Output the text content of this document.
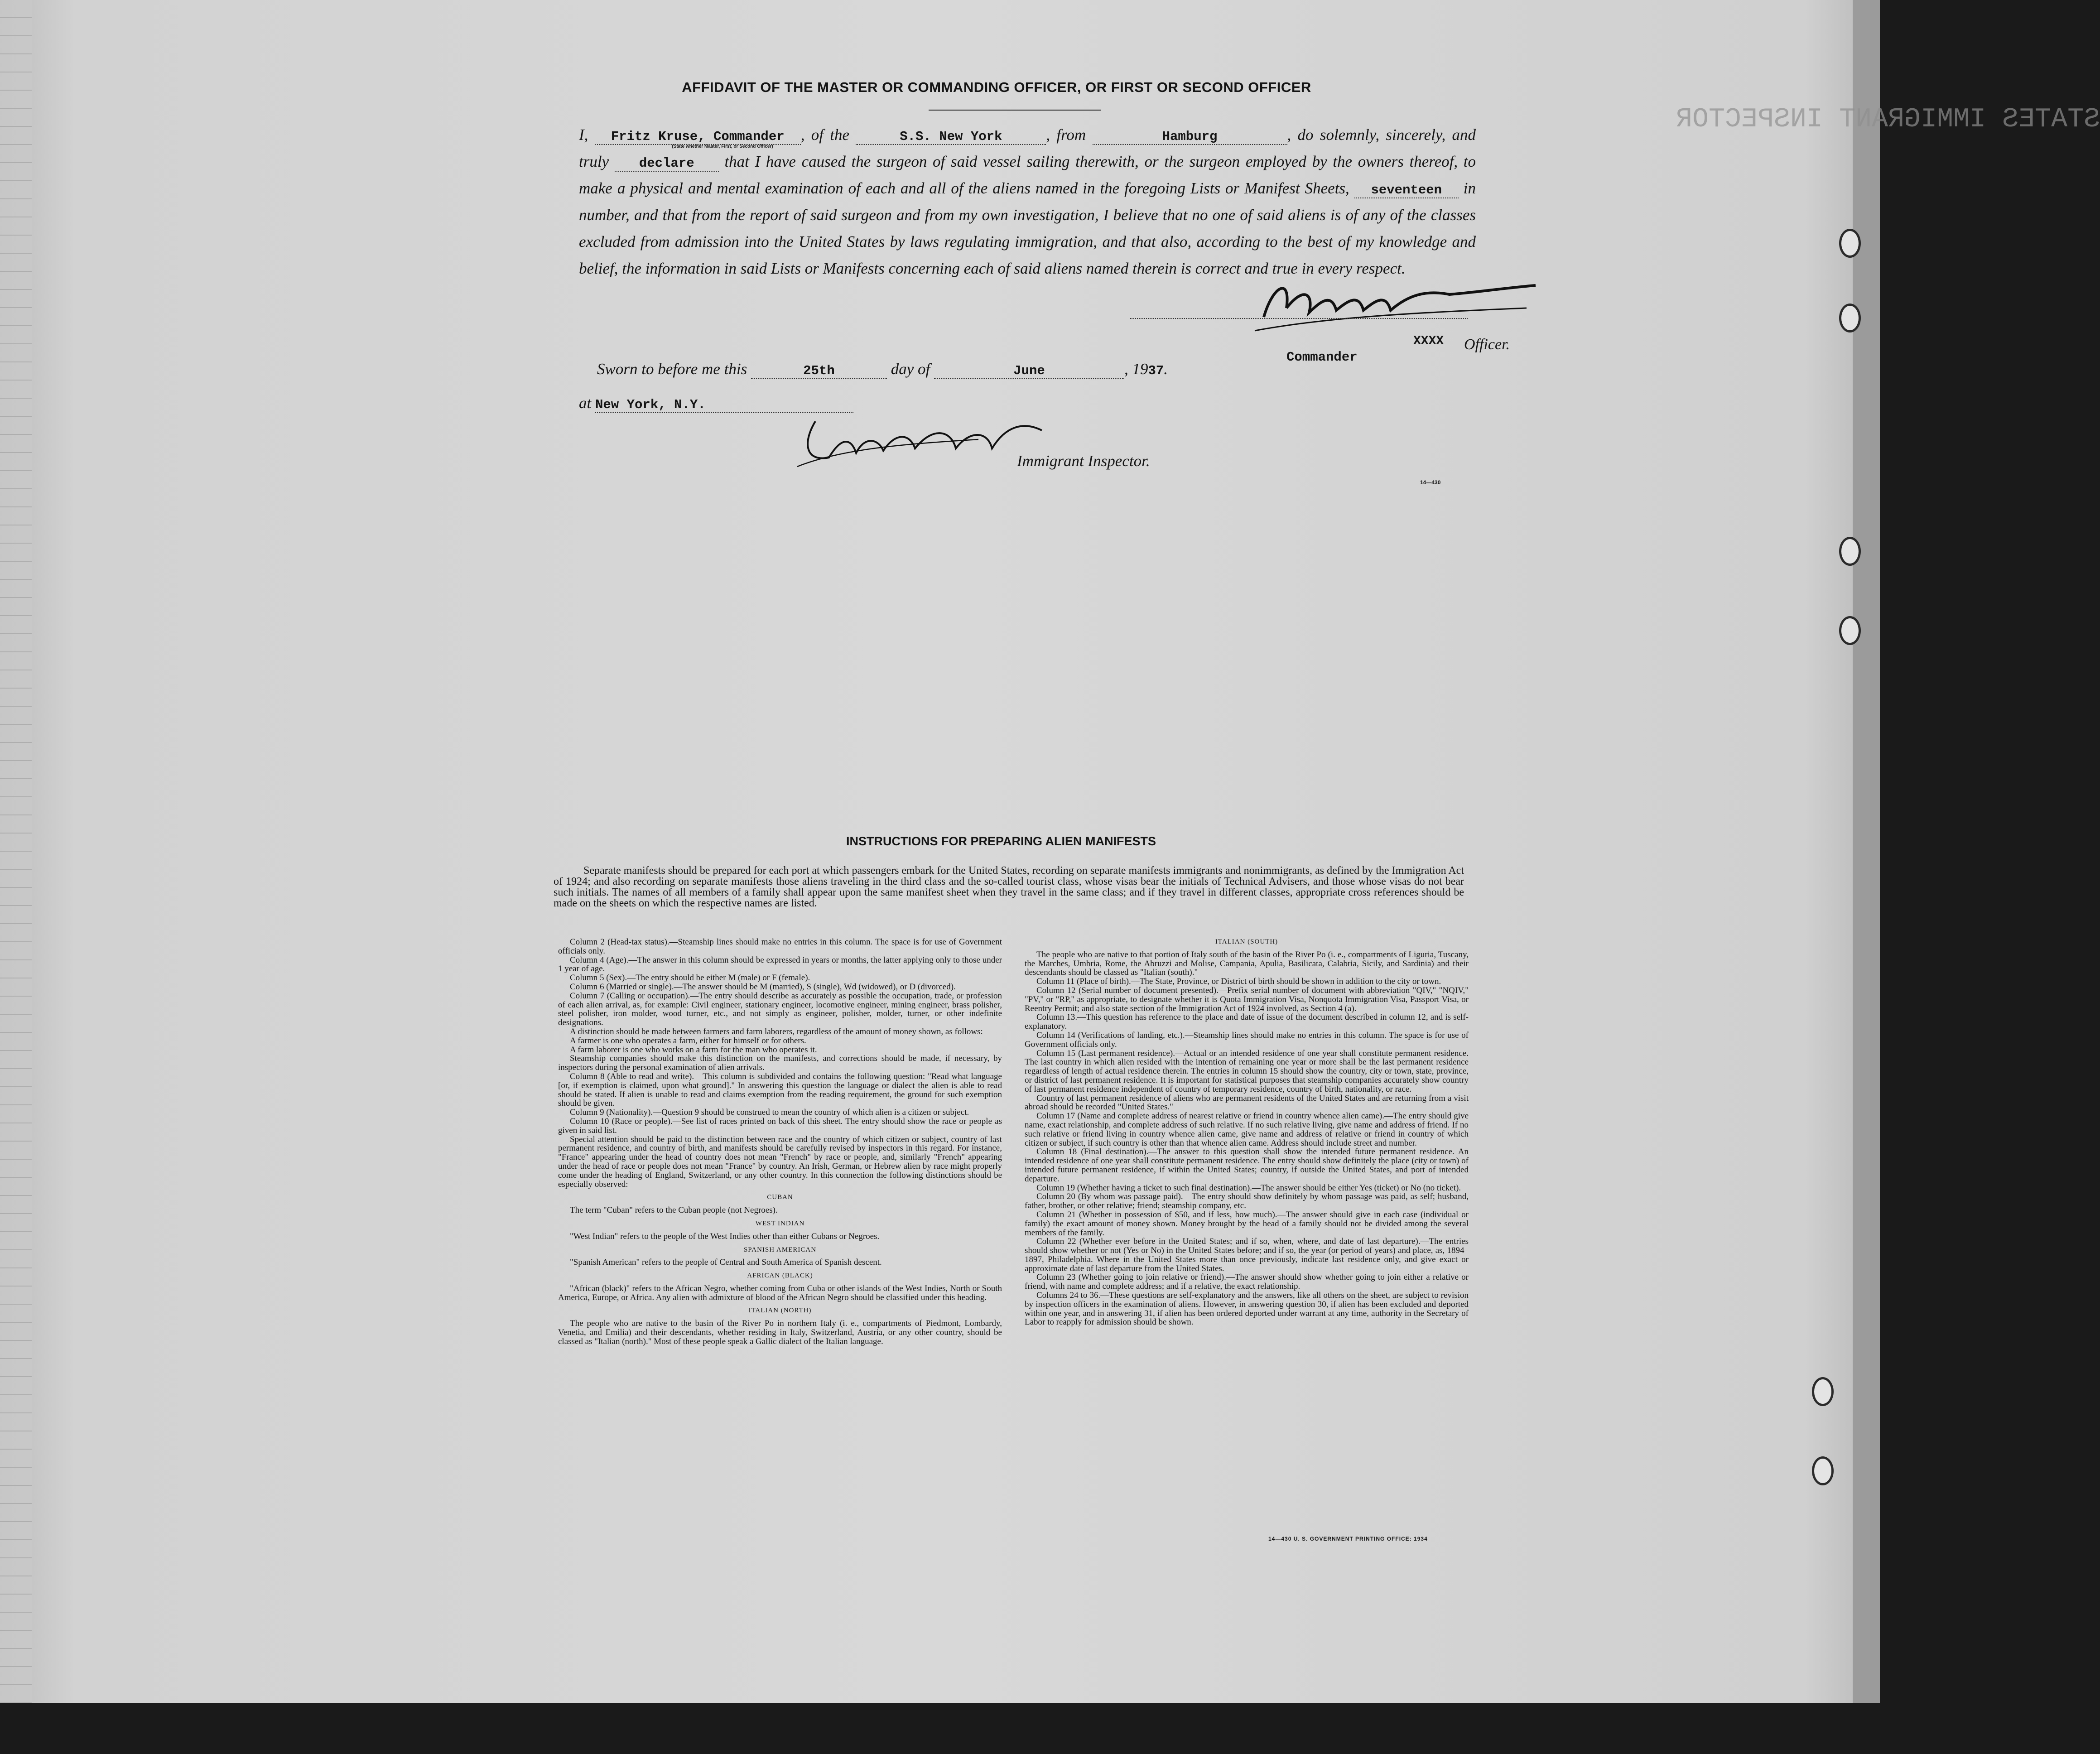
STATES IMMIGRANT INSPECTOR
AFFIDAVIT OF THE MASTER OR COMMANDING OFFICER, OR FIRST OR SECOND OFFICER
I, Fritz Kruse, Commander , of the	S.S. New York	, from	Hamburg	, do solemnly, sincerely, and truly declare that I have caused the surgeon of said vessel sailing therewith, or the surgeon employed by the owners thereof, to make a physical and mental examination of each and all of the aliens named in the foregoing Lists or Manifest Sheets, seventeen in number, and that from the report of said surgeon and from my own investigation, I believe that no one of said aliens is of any of the classes excluded from admission into the United States by laws regulating immigration, and that also, according to the best of my knowledge and belief, the information in said Lists or Manifests concerning each of said aliens named therein is correct and true in every respect.
(State whether Master, First, or Second Officer)
XXXX Officer.
Commander
Sworn to before me this	25th	day of	June	, 1937.
at New York, N.Y.
Immigrant Inspector.
14—430
INSTRUCTIONS FOR PREPARING ALIEN MANIFESTS
Separate manifests should be prepared for each port at which passengers embark for the United States, recording on separate manifests immigrants and nonimmigrants, as defined by the Immigration Act of 1924; and also recording on separate manifests those aliens traveling in the third class and the so-called tourist class, whose visas bear the initials of Technical Advisers, and those whose visas do not bear such initials. The names of all members of a family shall appear upon the same manifest sheet when they travel in the same class; and if they travel in different classes, appropriate cross references should be made on the sheets on which the respective names are listed.

Column 2 (Head-tax status).—Steamship lines should make no entries in this column. The space is for use of Government officials only.

Column 4 (Age).—The answer in this column should be expressed in years or months, the latter applying only to those under 1 year of age.

Column 5 (Sex).—The entry should be either M (male) or F (female).

Column 6 (Married or single).—The answer should be M (married), S (single), Wd (widowed), or D (divorced).

Column 7 (Calling or occupation).—The entry should describe as accurately as possible the occupation, trade, or profession of each alien arrival, as, for example: Civil engineer, stationary engineer, locomotive engineer, mining engineer, brass polisher, steel polisher, iron molder, wood turner, etc., and not simply as engineer, polisher, molder, turner, or other indefinite designations.

A distinction should be made between farmers and farm laborers, regardless of the amount of money shown, as follows:

A farmer is one who operates a farm, either for himself or for others.

A farm laborer is one who works on a farm for the man who operates it.

Steamship companies should make this distinction on the manifests, and corrections should be made, if necessary, by inspectors during the personal examination of alien arrivals.

Column 8 (Able to read and write).—This column is subdivided and contains the following question: "Read what language [or, if exemption is claimed, upon what ground]." In answering this question the language or dialect the alien is able to read should be stated. If alien is unable to read and claims exemption from the reading requirement, the ground for such exemption should be given.

Column 9 (Nationality).—Question 9 should be construed to mean the country of which alien is a citizen or subject.

Column 10 (Race or people).—See list of races printed on back of this sheet. The entry should show the race or people as given in said list.

Special attention should be paid to the distinction between race and the country of which citizen or subject, country of last permanent residence, and country of birth, and manifests should be carefully revised by inspectors in this regard. For instance, "France" appearing under the head of country does not mean "French" by race or people, and, similarly "French" appearing under the head of race or people does not mean "France" by country. An Irish, German, or Hebrew alien by race might properly come under the heading of England, Switzerland, or any other country. In this connection the following distinctions should be especially observed:

CUBAN

The term "Cuban" refers to the Cuban people (not Negroes).

WEST INDIAN

"West Indian" refers to the people of the West Indies other than either Cubans or Negroes.

SPANISH AMERICAN

"Spanish American" refers to the people of Central and South America of Spanish descent.

AFRICAN (BLACK)

"African (black)" refers to the African Negro, whether coming from Cuba or other islands of the West Indies, North or South America, Europe, or Africa. Any alien with admixture of blood of the African Negro should be classified under this heading.

ITALIAN (NORTH)

The people who are native to the basin of the River Po in northern Italy (i. e., compartments of Piedmont, Lombardy, Venetia, and Emilia) and their descendants, whether residing in Italy, Switzerland, Austria, or any other country, should be classed as "Italian (north)." Most of these people speak a Gallic dialect of the Italian language.

ITALIAN (SOUTH)

The people who are native to that portion of Italy south of the basin of the River Po (i. e., compartments of Liguria, Tuscany, the Marches, Umbria, Rome, the Abruzzi and Molise, Campania, Apulia, Basilicata, Calabria, Sicily, and Sardinia) and their descendants should be classed as "Italian (south)."

Column 11 (Place of birth).—The State, Province, or District of birth should be shown in addition to the city or town.

Column 12 (Serial number of document presented).—Prefix serial number of document with abbreviation "QIV," "NQIV," "PV," or "RP," as appropriate, to designate whether it is Quota Immigration Visa, Nonquota Immigration Visa, Passport Visa, or Reentry Permit; and also state section of the Immigration Act of 1924 involved, as Section 4 (a).

Column 13.—This question has reference to the place and date of issue of the document described in column 12, and is self-explanatory.

Column 14 (Verifications of landing, etc.).—Steamship lines should make no entries in this column. The space is for use of Government officials only.

Column 15 (Last permanent residence).—Actual or an intended residence of one year shall constitute permanent residence. The last country in which alien resided with the intention of remaining one year or more shall be the last permanent residence regardless of length of actual residence therein. The entries in column 15 should show the country, city or town, state, province, or district of last permanent residence. It is important for statistical purposes that steamship companies accurately show country of last permanent residence independent of country of temporary residence, country of birth, nationality, or race.

Country of last permanent residence of aliens who are permanent residents of the United States and are returning from a visit abroad should be recorded "United States."

Column 17 (Name and complete address of nearest relative or friend in country whence alien came).—The entry should give name, exact relationship, and complete address of such relative. If no such relative living, give name and address of friend. If no such relative or friend living in country whence alien came, give name and address of relative or friend in country of which citizen or subject, if such country is other than that whence alien came. Address should include street and number.

Column 18 (Final destination).—The answer to this question shall show the intended future permanent residence. An intended residence of one year shall constitute permanent residence. The entry should show definitely the place (city or town) of intended future permanent residence, if within the United States; country, if outside the United States, and port of intended departure.

Column 19 (Whether having a ticket to such final destination).—The answer should be either Yes (ticket) or No (no ticket).

Column 20 (By whom was passage paid).—The entry should show definitely by whom passage was paid, as self; husband, father, brother, or other relative; friend; steamship company, etc.

Column 21 (Whether in possession of $50, and if less, how much).—The answer should give in each case (individual or family) the exact amount of money shown. Money brought by the head of a family should not be divided among the several members of the family.

Column 22 (Whether ever before in the United States; and if so, when, where, and date of last departure).—The entries should show whether or not (Yes or No) in the United States before; and if so, the year (or period of years) and place, as, 1894–1897, Philadelphia. Where in the United States more than once previously, indicate last residence only, and give exact or approximate date of last departure from the United States.

Column 23 (Whether going to join relative or friend).—The answer should show whether going to join either a relative or friend, with name and complete address; and if a relative, the exact relationship.

Columns 24 to 36.—These questions are self-explanatory and the answers, like all others on the sheet, are subject to revision by inspection officers in the examination of aliens. However, in answering question 30, if alien has been excluded and deported within one year, and in answering 31, if alien has been ordered deported under warrant at any time, authority in the Secretary of Labor to reapply for admission should be shown.

14—430 U. S. GOVERNMENT PRINTING OFFICE: 1934
